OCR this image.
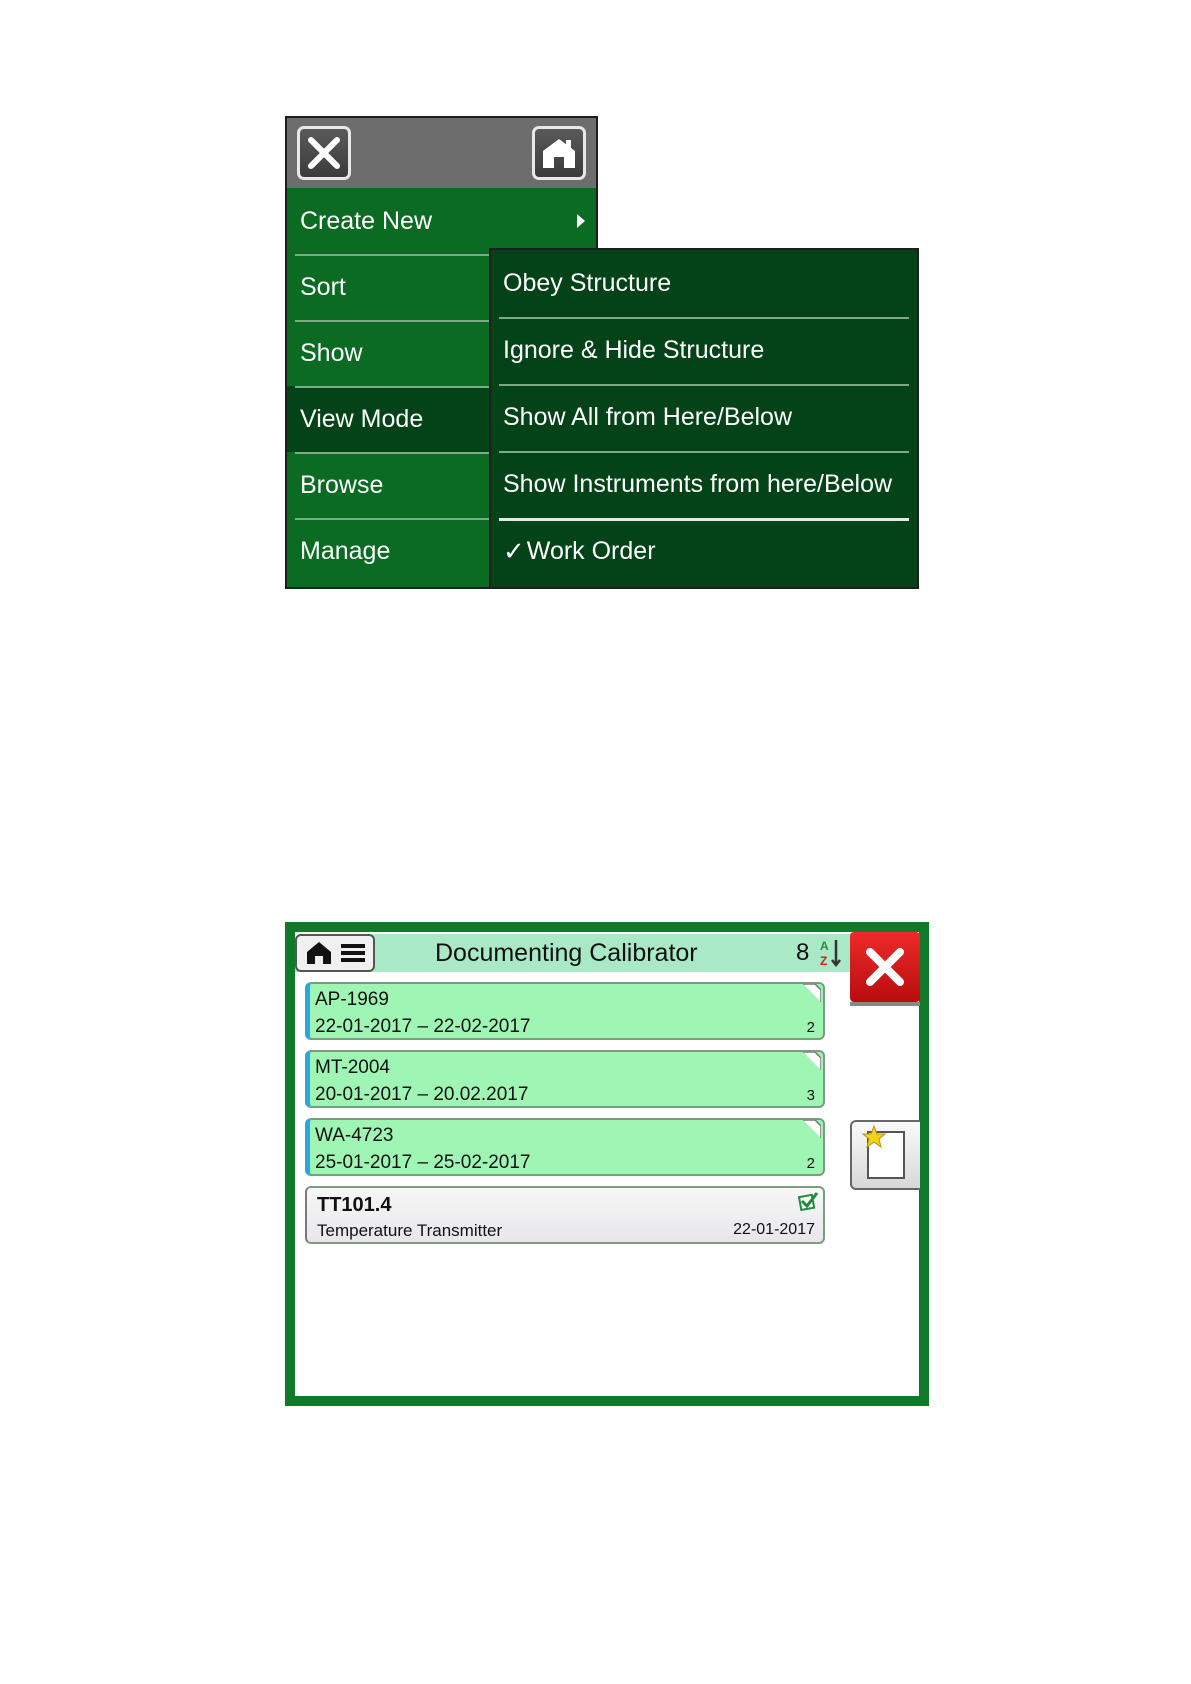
Create New
Sort
Show
View Mode
Browse
Manage
Obey Structure
Ignore & Hide Structure
Show All from Here/Below
Show Instruments from here/Below
✓ Work Order
Documenting Calibrator	8 A
Z
AP-1969
22-01-2017 – 22-02-2017	2
MT-2004
20-01-2017 – 20.02.2017	3
WA-4723
25-01-2017 – 25-02-2017	2
TT101.4
Temperature Transmitter	22-01-2017
